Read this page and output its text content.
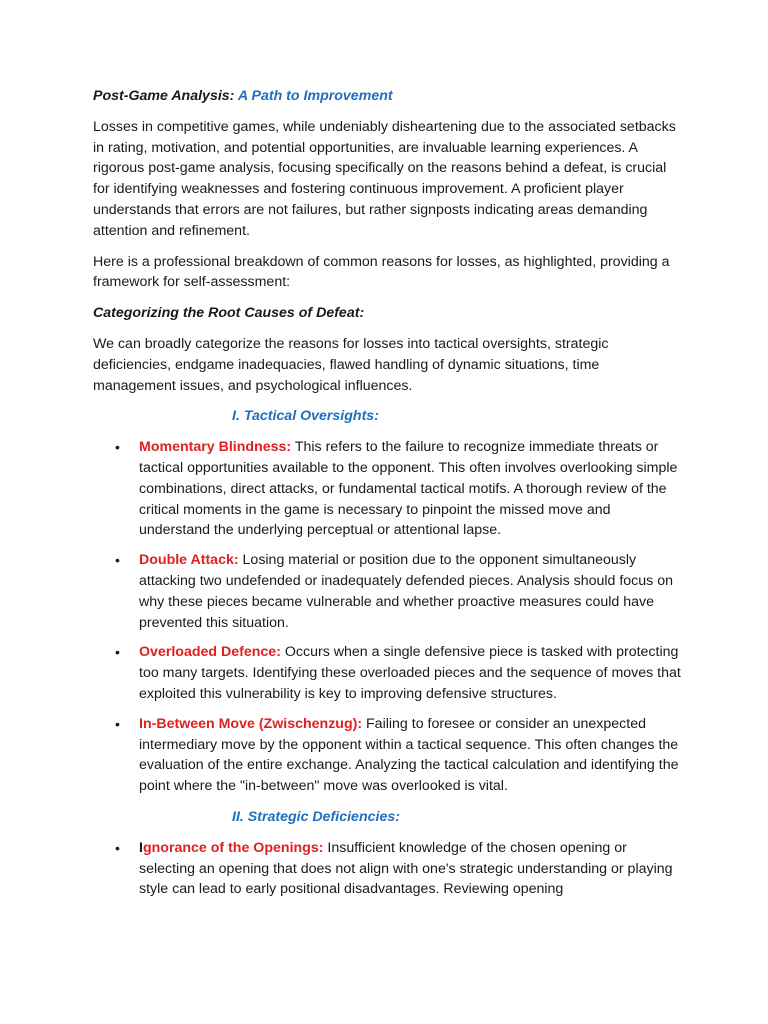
Post-Game Analysis: A Path to Improvement

Losses in competitive games, while undeniably disheartening due to the associated setbacks in rating, motivation, and potential opportunities, are invaluable learning experiences. A rigorous post-game analysis, focusing specifically on the reasons behind a defeat, is crucial for identifying weaknesses and fostering continuous improvement. A proficient player understands that errors are not failures, but rather signposts indicating areas demanding attention and refinement.

Here is a professional breakdown of common reasons for losses, as highlighted, providing a framework for self-assessment:

Categorizing the Root Causes of Defeat:

We can broadly categorize the reasons for losses into tactical oversights, strategic deficiencies, endgame inadequacies, flawed handling of dynamic situations, time management issues, and psychological influences.

I. Tactical Oversights:

• Momentary Blindness: This refers to the failure to recognize immediate threats or tactical opportunities available to the opponent. This often involves overlooking simple combinations, direct attacks, or fundamental tactical motifs. A thorough review of the critical moments in the game is necessary to pinpoint the missed move and understand the underlying perceptual or attentional lapse.
• Double Attack: Losing material or position due to the opponent simultaneously attacking two undefended or inadequately defended pieces. Analysis should focus on why these pieces became vulnerable and whether proactive measures could have prevented this situation.
• Overloaded Defence: Occurs when a single defensive piece is tasked with protecting too many targets. Identifying these overloaded pieces and the sequence of moves that exploited this vulnerability is key to improving defensive structures.
• In-Between Move (Zwischenzug): Failing to foresee or consider an unexpected intermediary move by the opponent within a tactical sequence. This often changes the evaluation of the entire exchange. Analyzing the tactical calculation and identifying the point where the "in-between" move was overlooked is vital.

II. Strategic Deficiencies:

• Ignorance of the Openings: Insufficient knowledge of the chosen opening or selecting an opening that does not align with one's strategic understanding or playing style can lead to early positional disadvantages. Reviewing opening
